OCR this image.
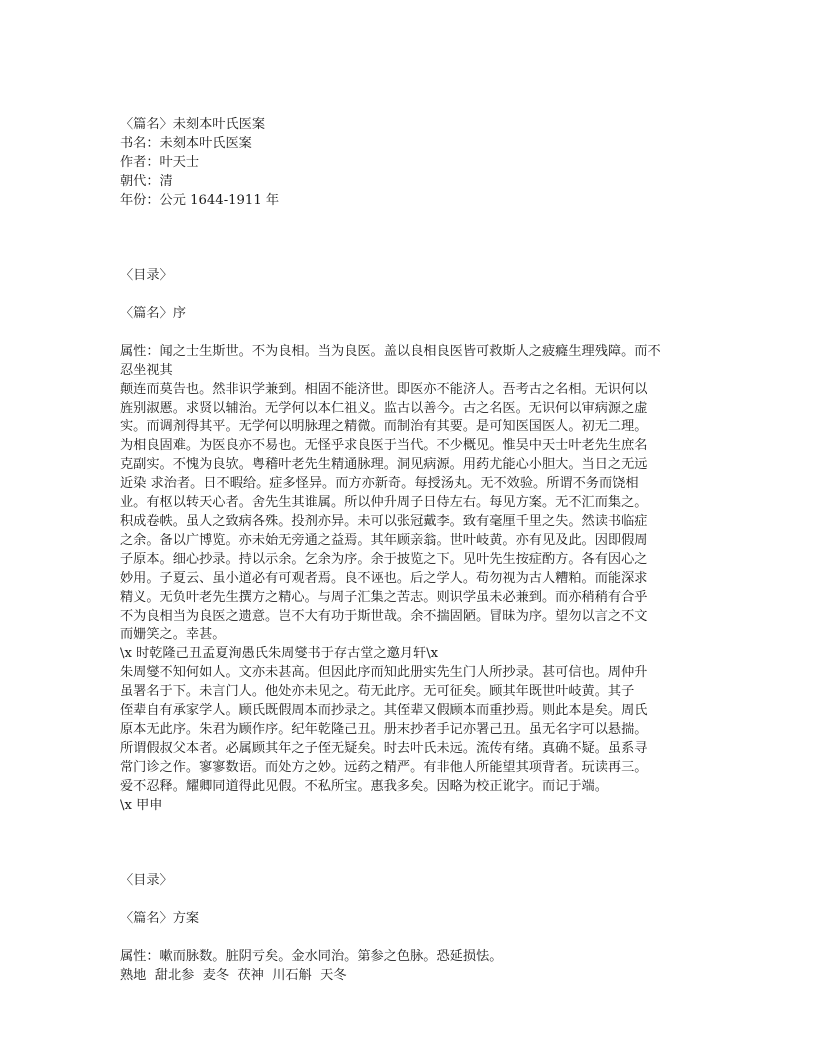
〈篇名〉未刻本叶氏医案
书名：未刻本叶氏医案
作者：叶天士
朝代：清
年份：公元 1644-1911 年
〈目录〉
〈篇名〉序
属性：闻之士生斯世。不为良相。当为良医。盖以良相良医皆可救斯人之疲癃生理残障。而不
忍坐视其
颠连而莫告也。然非识学兼到。相固不能济世。即医亦不能济人。吾考古之名相。无识何以
旌别淑慝。求贤以辅治。无学何以本仁祖义。监古以善今。古之名医。无识何以审病源之虚
实。而调剂得其平。无学何以明脉理之精微。而制治有其要。是可知医国医人。初无二理。
为相良固难。为医良亦不易也。无怪乎求良医于当代。不少概见。惟吴中天士叶老先生庶名
克副实。不愧为良欤。粤稽叶老先生精通脉理。洞见病源。用药尤能心小胆大。当日之无远
近染 求治者。日不暇给。症多怪异。而方亦新奇。每授汤丸。无不效验。所谓不务而饶相
业。有枢以转天心者。舍先生其谁属。所以仲升周子日侍左右。每见方案。无不汇而集之。
积成卷帙。虽人之致病各殊。投剂亦异。未可以张冠戴李。致有毫厘千里之失。然读书临症
之余。备以广博览。亦未始无旁通之益焉。其年顾亲翁。世叶岐黄。亦有见及此。因即假周
子原本。细心抄录。持以示余。乞余为序。余于披览之下。见叶先生按症酌方。各有因心之
妙用。子夏云、虽小道必有可观者焉。良不诬也。后之学人。苟勿视为古人糟粕。而能深求
精义。无负叶老先生撰方之精心。与周子汇集之苦志。则识学虽未必兼到。而亦稍稍有合乎
不为良相当为良医之遗意。岂不大有功于斯世哉。余不揣固陋。冒昧为序。望勿以言之不文
而姗笑之。幸甚。
\x 时乾隆己丑孟夏洵愚氏朱周燮书于存古堂之邀月轩\x
朱周燮不知何如人。文亦未甚高。但因此序而知此册实先生门人所抄录。甚可信也。周仲升
虽署名于下。未言门人。他处亦未见之。苟无此序。无可征矣。顾其年既世叶岐黄。其子
侄辈自有承家学人。顾氏既假周本而抄录之。其侄辈又假顾本而重抄焉。则此本是矣。周氏
原本无此序。朱君为顾作序。纪年乾隆己丑。册末抄者手记亦署己丑。虽无名字可以悬揣。
所谓假叔父本者。必属顾其年之子侄无疑矣。时去叶氏未远。流传有绪。真确不疑。虽系寻
常门诊之作。寥寥数语。而处方之妙。远药之精严。有非他人所能望其项背者。玩读再三。
爱不忍释。耀卿同道得此见假。不私所宝。惠我多矣。因略为校正讹字。而记于端。
\x 甲申
〈目录〉
〈篇名〉方案
属性：嗽而脉数。脏阴亏矣。金水同治。第参之色脉。恐延损怯。
熟地  甜北参  麦冬  茯神  川石斛  天冬
